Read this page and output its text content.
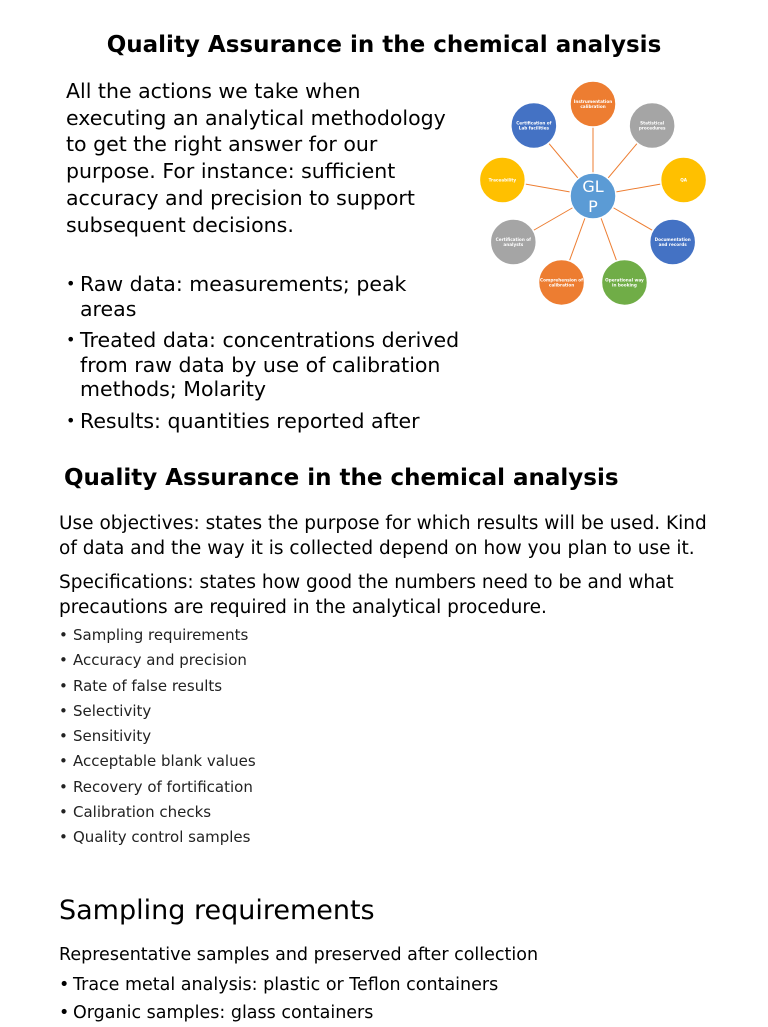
Quality Assurance in the chemical analysis

All the actions we take when executing an analytical methodology to get the right answer for our purpose. For instance: sufficient accuracy and precision to support subsequent decisions.

• Raw data: measurements; peak areas
• Treated data: concentrations derived from raw data by use of calibration methods; Molarity
• Results: quantities reported after
Instrumentation calibration
Statistical procedures
QA
Documentation and records
Operational way in booking
Comprehension of calibration
Certification of analysts
Traceability
Certification of Lab facilities
GL
P
Quality Assurance in the chemical analysis

Use objectives: states the purpose for which results will be used. Kind of data and the way it is collected depend on how you plan to use it.

Specifications: states how good the numbers need to be and what precautions are required in the analytical procedure.

• Sampling requirements
• Accuracy and precision
• Rate of false results
• Selectivity
• Sensitivity
• Acceptable blank values
• Recovery of fortification
• Calibration checks
• Quality control samples
Sampling requirements

Representative samples and preserved after collection

• Trace metal analysis: plastic or Teflon containers
• Organic samples: glass containers
